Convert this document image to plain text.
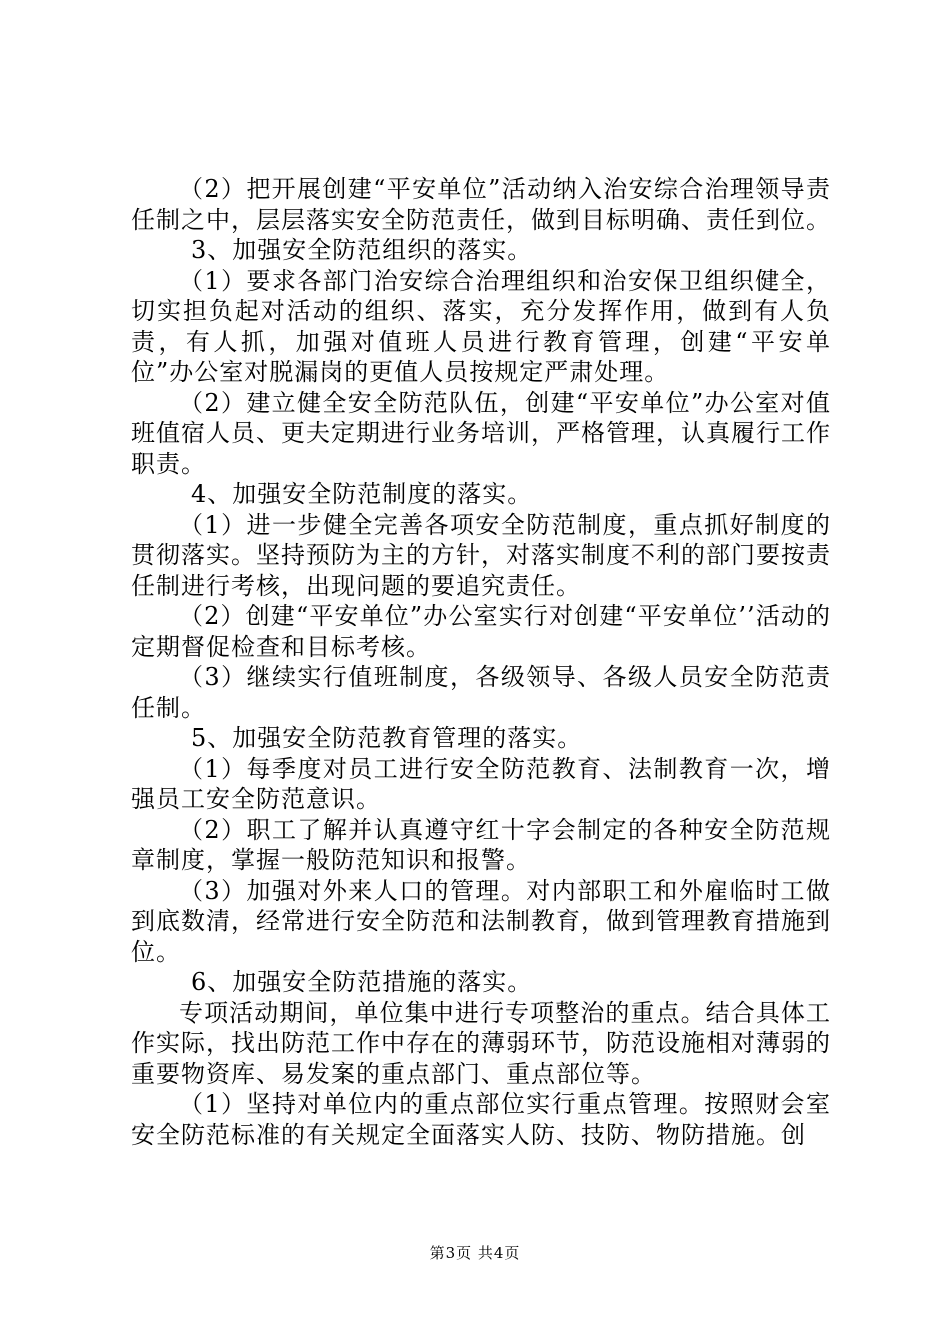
（2）把开展创建“平安单位”活动纳入治安综合治理领导责任制之中，层层落实安全防范责任，做到目标明确、责任到位。

3、加强安全防范组织的落实。

（1）要求各部门治安综合治理组织和治安保卫组织健全，切实担负起对活动的组织、落实，充分发挥作用，做到有人负责，有人抓，加强对值班人员进行教育管理，创建“平安单位”办公室对脱漏岗的更值人员按规定严肃处理。

（2）建立健全安全防范队伍，创建“平安单位”办公室对值班值宿人员、更夫定期进行业务培训，严格管理，认真履行工作职责。

4、加强安全防范制度的落实。

（1）进一步健全完善各项安全防范制度，重点抓好制度的贯彻落实。坚持预防为主的方针，对落实制度不利的部门要按责任制进行考核，出现问题的要追究责任。

（2）创建“平安单位”办公室实行对创建“平安单位’’活动的定期督促检查和目标考核。

（3）继续实行值班制度，各级领导、各级人员安全防范责任制。

5、加强安全防范教育管理的落实。

（1）每季度对员工进行安全防范教育、法制教育一次，增强员工安全防范意识。

（2）职工了解并认真遵守红十字会制定的各种安全防范规章制度，掌握一般防范知识和报警。

（3）加强对外来人口的管理。对内部职工和外雇临时工做到底数清，经常进行安全防范和法制教育，做到管理教育措施到位。

6、加强安全防范措施的落实。

专项活动期间，单位集中进行专项整治的重点。结合具体工作实际，找出防范工作中存在的薄弱环节，防范设施相对薄弱的重要物资库、易发案的重点部门、重点部位等。

（1）坚持对单位内的重点部位实行重点管理。按照财会室安全防范标准的有关规定全面落实人防、技防、物防措施。创

第3页 共4页
